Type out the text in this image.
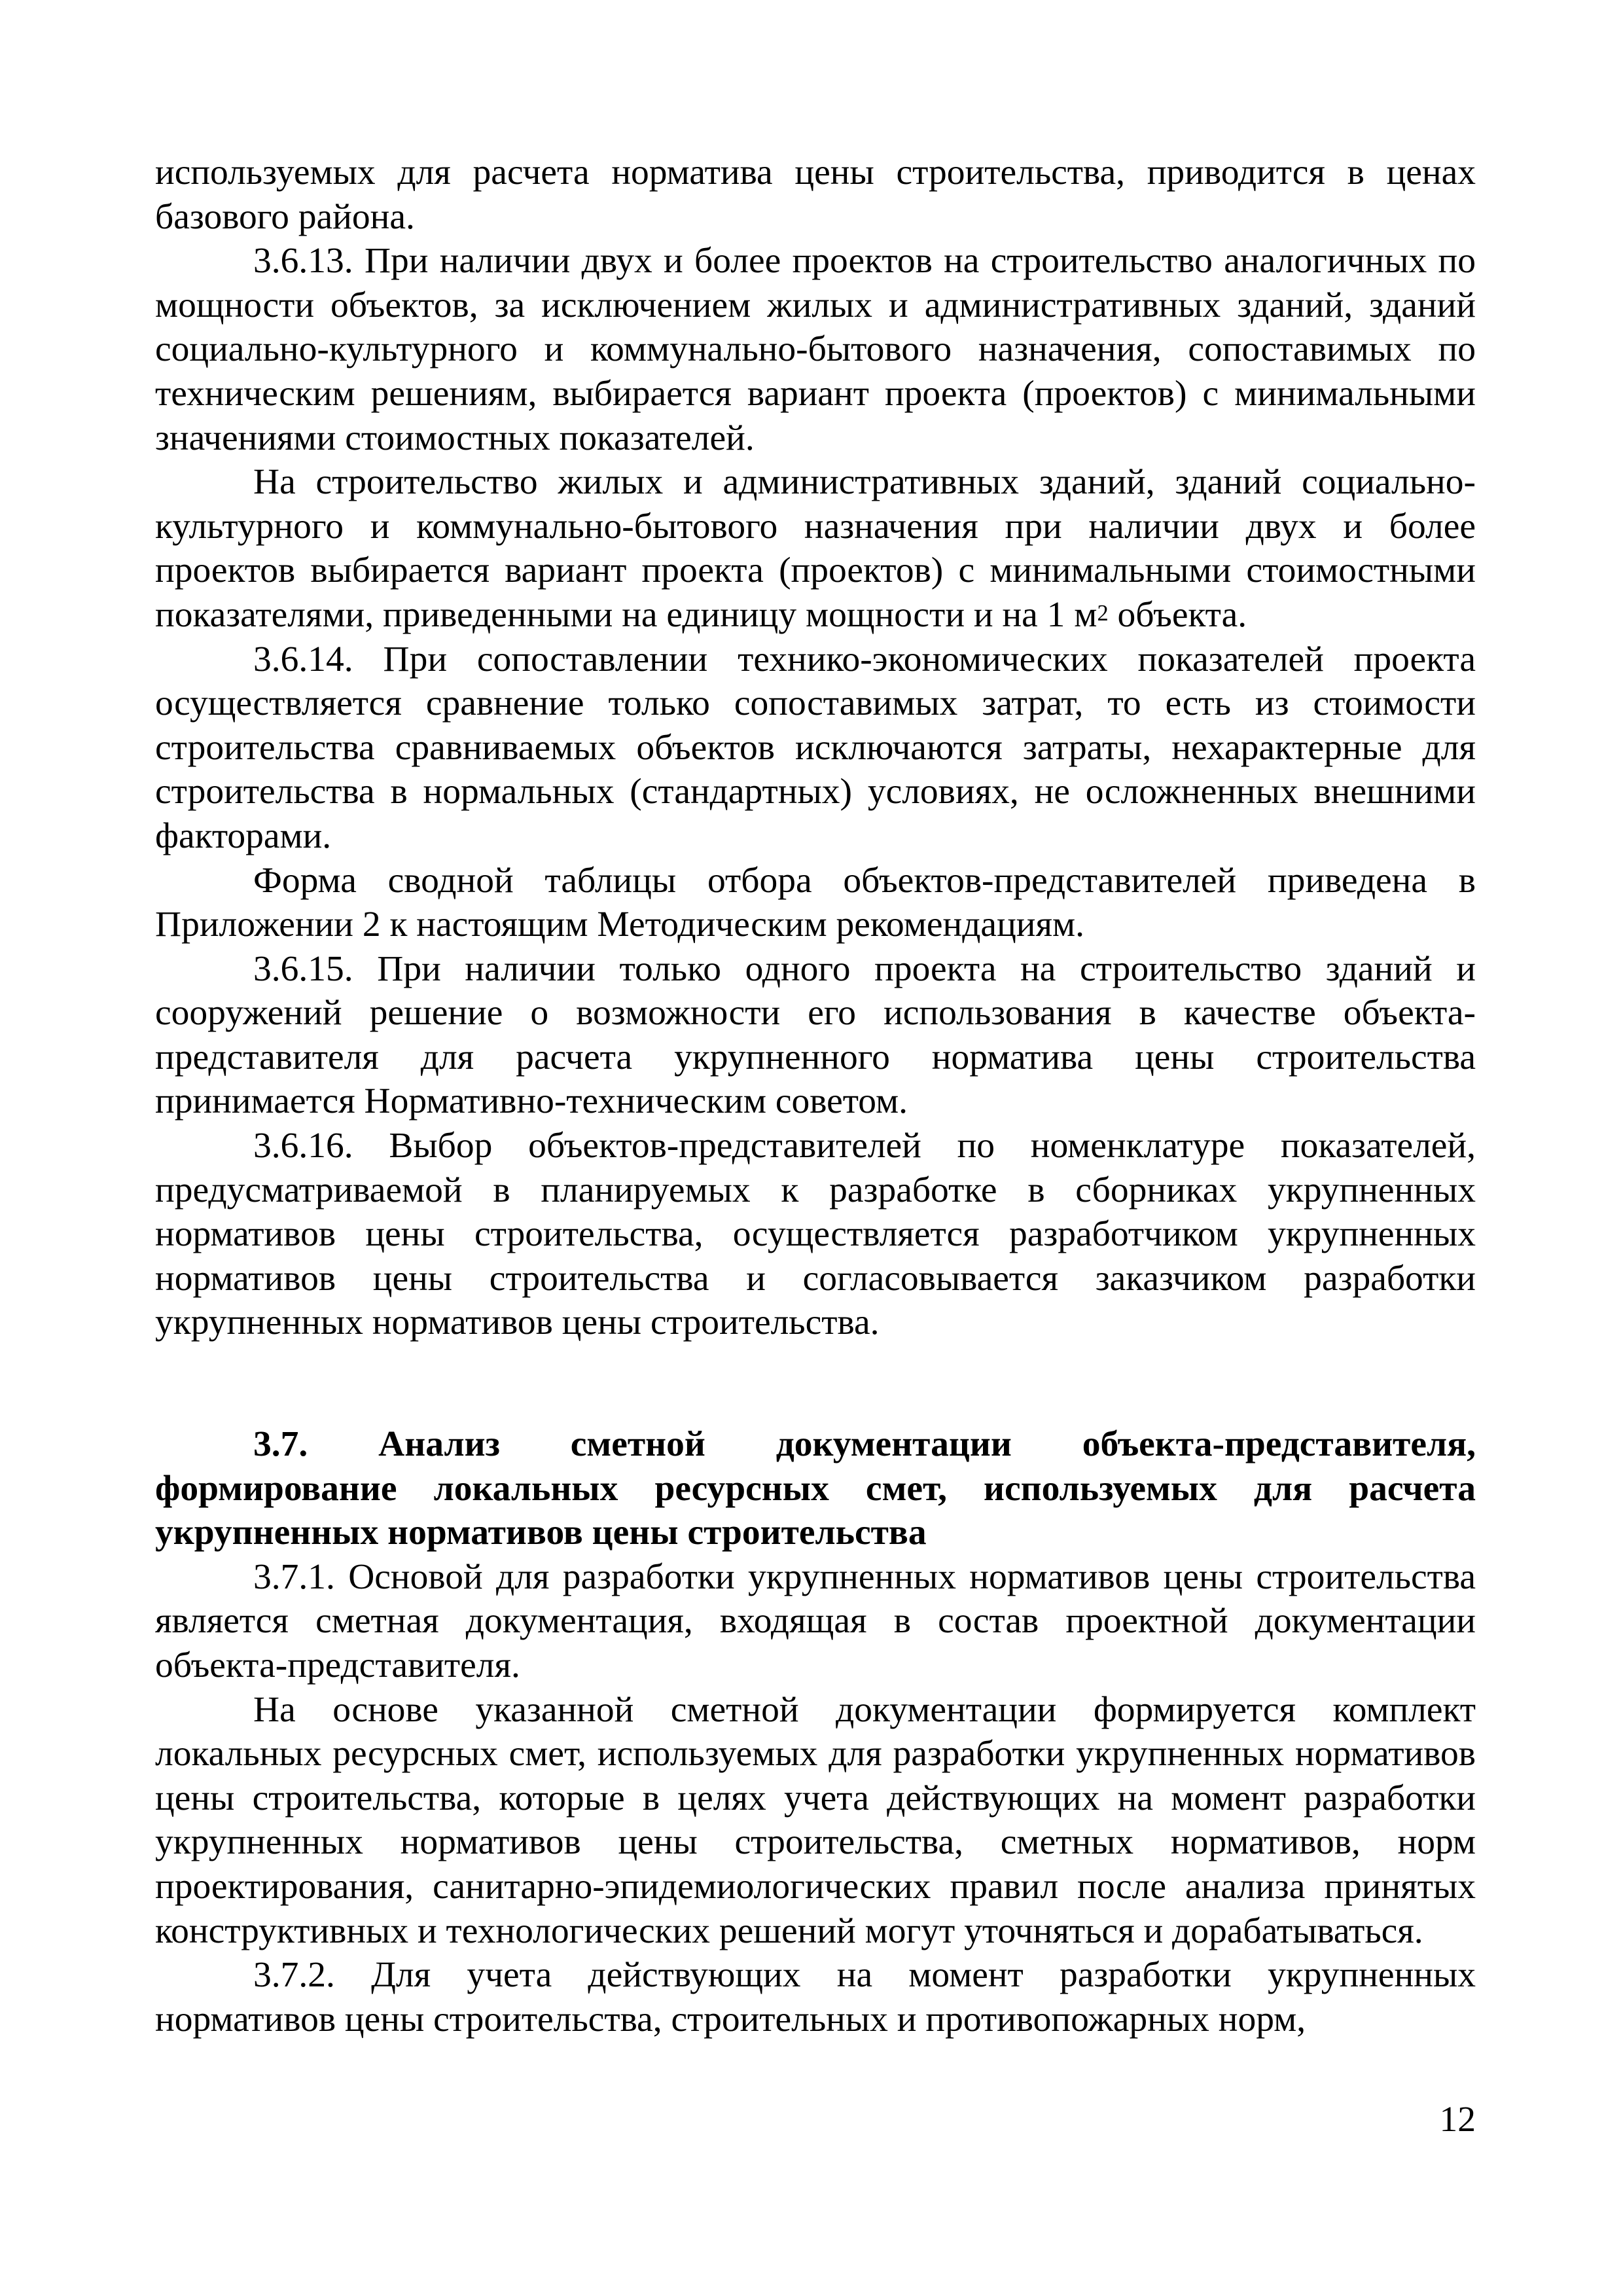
используемых для расчета норматива цены строительства, приводится в ценах базового района.

3.6.13. При наличии двух и более проектов на строительство аналогичных по мощности объектов, за исключением жилых и административных зданий, зданий социально-культурного и коммунально-бытового назначения, сопоставимых по техническим решениям, выбирается вариант проекта (проектов) с минимальными значениями стоимостных показателей.

На строительство жилых и административных зданий, зданий социально-культурного и коммунально-бытового назначения при наличии двух и более проектов выбирается вариант проекта (проектов) с минимальными стоимостными показателями, приведенными на единицу мощности и на 1 $м^2$ объекта.

3.6.14. При сопоставлении технико-экономических показателей проекта осуществляется сравнение только сопоставимых затрат, то есть из стоимости строительства сравниваемых объектов исключаются затраты, нехарактерные для строительства в нормальных (стандартных) условиях, не осложненных внешними факторами.

Форма сводной таблицы отбора объектов-представителей приведена в Приложении 2 к настоящим Методическим рекомендациям.

3.6.15. При наличии только одного проекта на строительство зданий и сооружений решение о возможности его использования в качестве объекта-представителя для расчета укрупненного норматива цены строительства принимается Нормативно-техническим советом.

3.6.16. Выбор объектов-представителей по номенклатуре показателей, предусматриваемой в планируемых к разработке в сборниках укрупненных нормативов цены строительства, осуществляется разработчиком укрупненных нормативов цены строительства и согласовывается заказчиком разработки укрупненных нормативов цены строительства.

3.7. Анализ сметной документации объекта-представителя, формирование локальных ресурсных смет, используемых для расчета укрупненных нормативов цены строительства

3.7.1. Основой для разработки укрупненных нормативов цены строительства является сметная документация, входящая в состав проектной документации объекта-представителя.

На основе указанной сметной документации формируется комплект локальных ресурсных смет, используемых для разработки укрупненных нормативов цены строительства, которые в целях учета действующих на момент разработки укрупненных нормативов цены строительства, сметных нормативов, норм проектирования, санитарно-эпидемиологических правил после анализа принятых конструктивных и технологических решений могут уточняться и дорабатываться.

3.7.2. Для учета действующих на момент разработки укрупненных нормативов цены строительства, строительных и противопожарных норм,

12
